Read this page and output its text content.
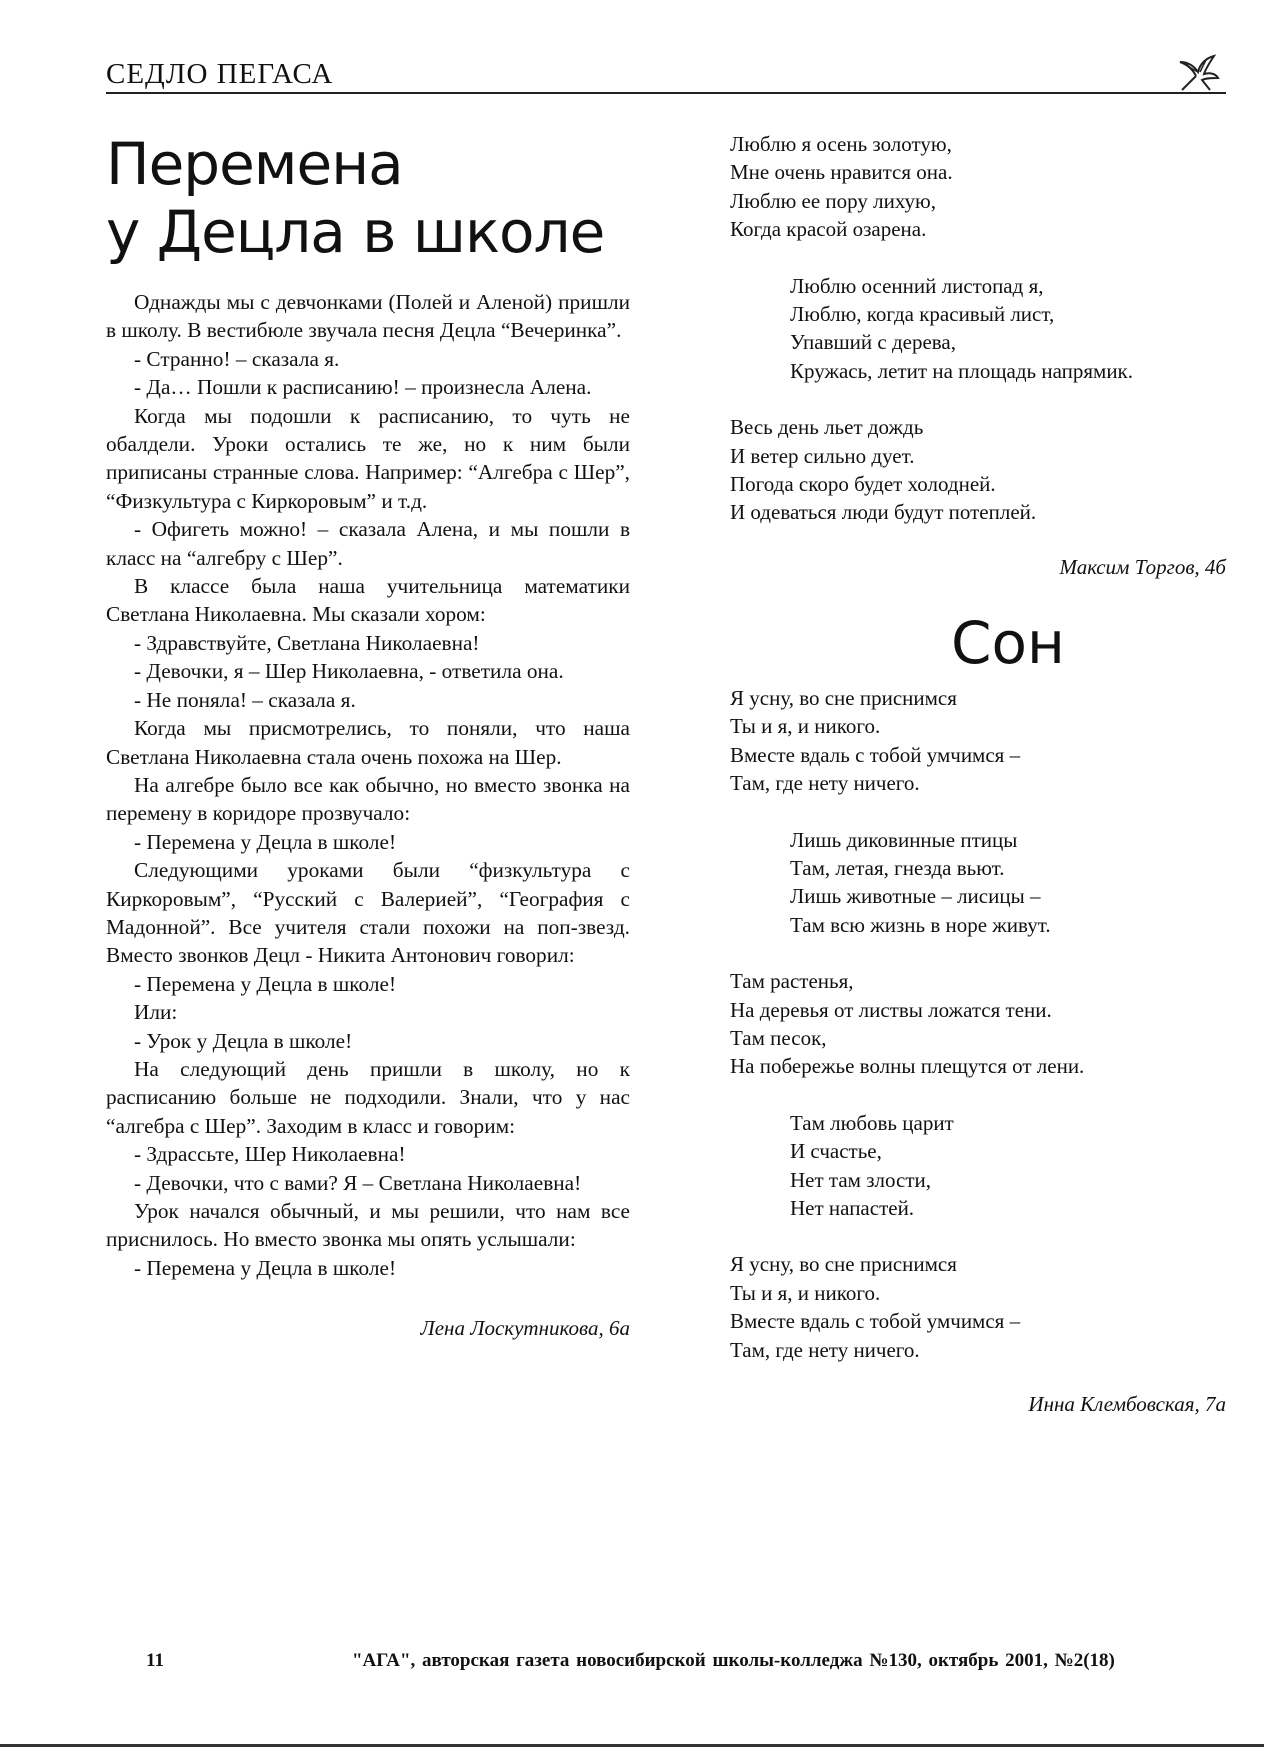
СЕДЛО ПЕГАСА
Перемена
у Децла в школе

Однажды мы с девчонками (Полей и Аленой) пришли в школу. В вестибюле звучала песня Децла “Вечеринка”.

- Странно! – сказала я.

- Да… Пошли к расписанию! – произнесла Алена.

Когда мы подошли к расписанию, то чуть не обалдели. Уроки остались те же, но к ним были приписаны странные слова. Например: “Алгебра с Шер”, “Физкультура с Киркоровым” и т.д.

- Офигеть можно! – сказала Алена, и мы пошли в класс на “алгебру с Шер”.

В классе была наша учительница математики Светлана Николаевна. Мы сказали хором:

- Здравствуйте, Светлана Николаевна!

- Девочки, я – Шер Николаевна, - ответила она.

- Не поняла! – сказала я.

Когда мы присмотрелись, то поняли, что наша Светлана Николаевна стала очень похожа на Шер.

На алгебре было все как обычно, но вместо звонка на перемену в коридоре прозвучало:

- Перемена у Децла в школе!

Следующими уроками были “физкультура с Киркоровым”, “Русский с Валерией”, “География с Мадонной”. Все учителя стали похожи на поп-звезд. Вместо звонков Децл - Никита Антонович говорил:

- Перемена у Децла в школе!

Или:

- Урок у Децла в школе!

На следующий день пришли в школу, но к расписанию больше не подходили. Знали, что у нас “алгебра с Шер”. Заходим в класс и говорим:

- Здрассьте, Шер Николаевна!

- Девочки, что с вами? Я – Светлана Николаевна!

Урок начался обычный, и мы решили, что нам все приснилось. Но вместо звонка мы опять услышали:

- Перемена у Децла в школе!

Лена Лоскутникова, 6а
Люблю я осень золотую,
Мне очень нравится она.
Люблю ее пору лихую,
Когда красой озарена.
Люблю осенний листопад я,
Люблю, когда красивый лист,
Упавший с дерева,
Кружась, летит на площадь напрямик.
Весь день льет дождь
И ветер сильно дует.
Погода скоро будет холодней.
И одеваться люди будут потеплей.
Максим Торгов, 4б
Сон
Я усну, во сне приснимся
Ты и я, и никого.
Вместе вдаль с тобой умчимся –
Там, где нету ничего.
Лишь диковинные птицы
Там, летая, гнезда вьют.
Лишь животные – лисицы –
Там всю жизнь в норе живут.
Там растенья,
На деревья от листвы ложатся тени.
Там песок,
На побережье волны плещутся от лени.
Там любовь царит
И счастье,
Нет там злости,
Нет напастей.
Я усну, во сне приснимся
Ты и я, и никого.
Вместе вдаль с тобой умчимся –
Там, где нету ничего.
Инна Клембовская, 7а
11	"АГА", авторская газета новосибирской школы-колледжа №130, октябрь 2001, №2(18)
